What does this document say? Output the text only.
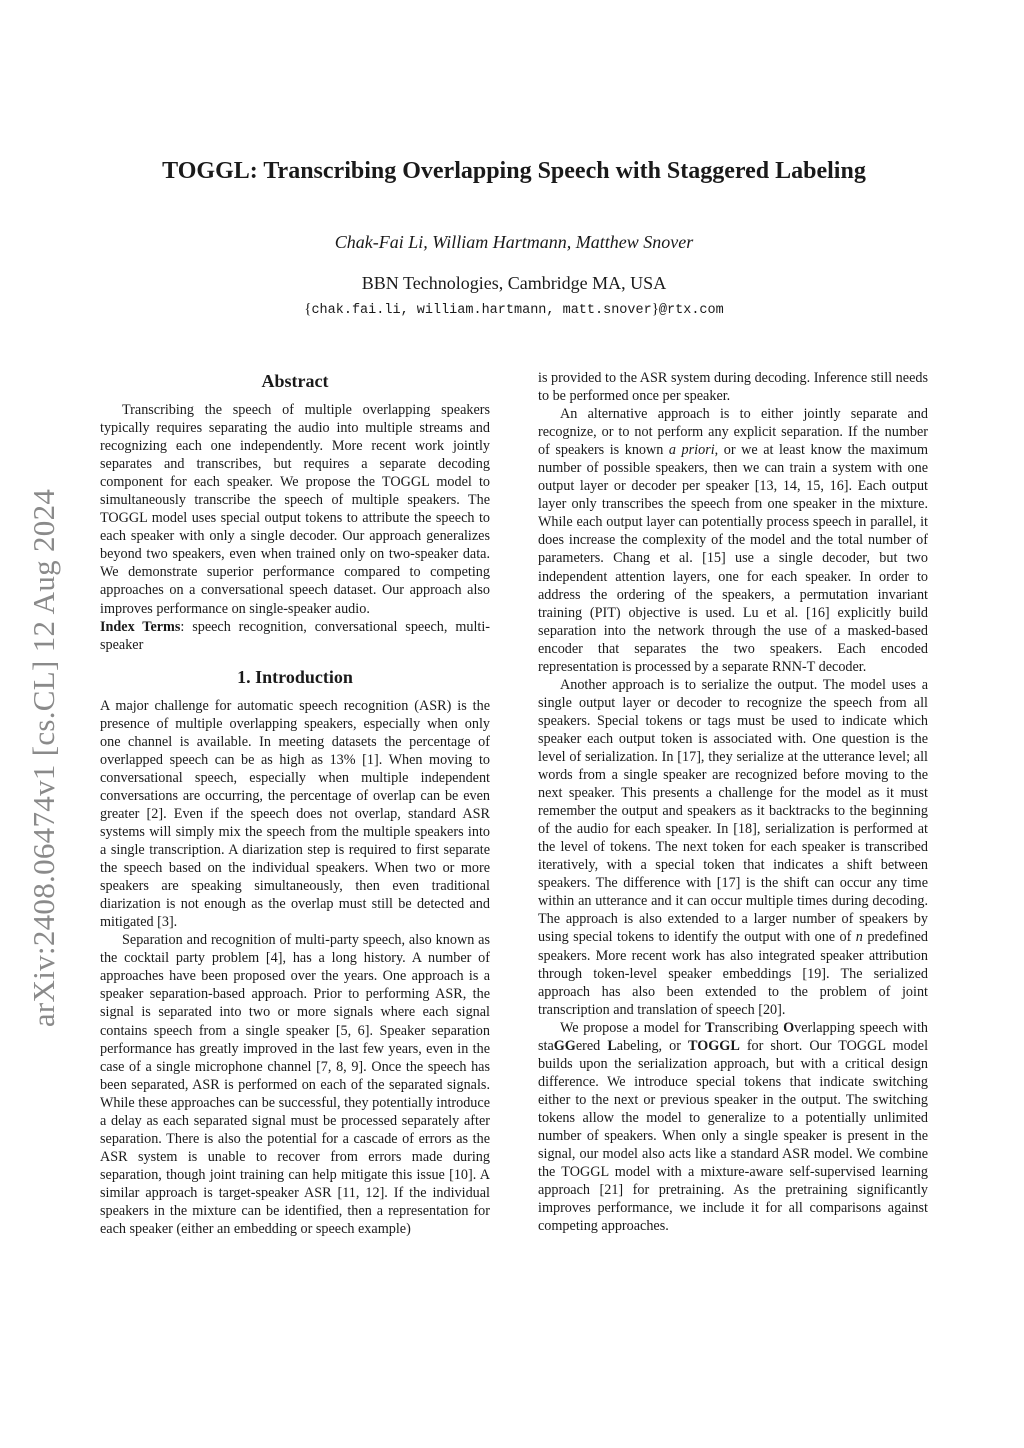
arXiv:2408.06474v1 [cs.CL] 12 Aug 2024
TOGGL: Transcribing Overlapping Speech with Staggered Labeling
Chak-Fai Li, William Hartmann, Matthew Snover
BBN Technologies, Cambridge MA, USA
{chak.fai.li, william.hartmann, matt.snover}@rtx.com
Abstract

Transcribing the speech of multiple overlapping speakers typically requires separating the audio into multiple streams and recognizing each one independently. More recent work jointly separates and transcribes, but requires a separate decoding component for each speaker. We propose the TOGGL model to simultaneously transcribe the speech of multiple speakers. The TOGGL model uses special output tokens to attribute the speech to each speaker with only a single decoder. Our approach generalizes beyond two speakers, even when trained only on two-speaker data. We demonstrate superior performance compared to competing approaches on a conversational speech dataset. Our approach also improves performance on single-speaker audio.

Index Terms: speech recognition, conversational speech, multi-speaker

1. Introduction

A major challenge for automatic speech recognition (ASR) is the presence of multiple overlapping speakers, especially when only one channel is available. In meeting datasets the percentage of overlapped speech can be as high as 13% [1]. When moving to conversational speech, especially when multiple independent conversations are occurring, the percentage of overlap can be even greater [2]. Even if the speech does not overlap, standard ASR systems will simply mix the speech from the multiple speakers into a single transcription. A diarization step is required to first separate the speech based on the individual speakers. When two or more speakers are speaking simultaneously, then even traditional diarization is not enough as the overlap must still be detected and mitigated [3].

Separation and recognition of multi-party speech, also known as the cocktail party problem [4], has a long history. A number of approaches have been proposed over the years. One approach is a speaker separation-based approach. Prior to performing ASR, the signal is separated into two or more signals where each signal contains speech from a single speaker [5, 6]. Speaker separation performance has greatly improved in the last few years, even in the case of a single microphone channel [7, 8, 9]. Once the speech has been separated, ASR is performed on each of the separated signals. While these approaches can be successful, they potentially introduce a delay as each separated signal must be processed separately after separation. There is also the potential for a cascade of errors as the ASR system is unable to recover from errors made during separation, though joint training can help mitigate this issue [10]. A similar approach is target-speaker ASR [11, 12]. If the individual speakers in the mixture can be identified, then a representation for each speaker (either an embedding or speech example)

is provided to the ASR system during decoding. Inference still needs to be performed once per speaker.

An alternative approach is to either jointly separate and recognize, or to not perform any explicit separation. If the number of speakers is known a priori, or we at least know the maximum number of possible speakers, then we can train a system with one output layer or decoder per speaker [13, 14, 15, 16]. Each output layer only transcribes the speech from one speaker in the mixture. While each output layer can potentially process speech in parallel, it does increase the complexity of the model and the total number of parameters. Chang et al. [15] use a single decoder, but two independent attention layers, one for each speaker. In order to address the ordering of the speakers, a permutation invariant training (PIT) objective is used. Lu et al. [16] explicitly build separation into the network through the use of a masked-based encoder that separates the two speakers. Each encoded representation is processed by a separate RNN-T decoder.

Another approach is to serialize the output. The model uses a single output layer or decoder to recognize the speech from all speakers. Special tokens or tags must be used to indicate which speaker each output token is associated with. One question is the level of serialization. In [17], they serialize at the utterance level; all words from a single speaker are recognized before moving to the next speaker. This presents a challenge for the model as it must remember the output and speakers as it backtracks to the beginning of the audio for each speaker. In [18], serialization is performed at the level of tokens. The next token for each speaker is transcribed iteratively, with a special token that indicates a shift between speakers. The difference with [17] is the shift can occur any time within an utterance and it can occur multiple times during decoding. The approach is also extended to a larger number of speakers by using special tokens to identify the output with one of n predefined speakers. More recent work has also integrated speaker attribution through token-level speaker embeddings [19]. The serialized approach has also been extended to the problem of joint transcription and translation of speech [20].

We propose a model for Transcribing Overlapping speech with staGGered Labeling, or TOGGL for short. Our TOGGL model builds upon the serialization approach, but with a critical design difference. We introduce special tokens that indicate switching either to the next or previous speaker in the output. The switching tokens allow the model to generalize to a potentially unlimited number of speakers. When only a single speaker is present in the signal, our model also acts like a standard ASR model. We combine the TOGGL model with a mixture-aware self-supervised learning approach [21] for pretraining. As the pretraining significantly improves performance, we include it for all comparisons against competing approaches.
